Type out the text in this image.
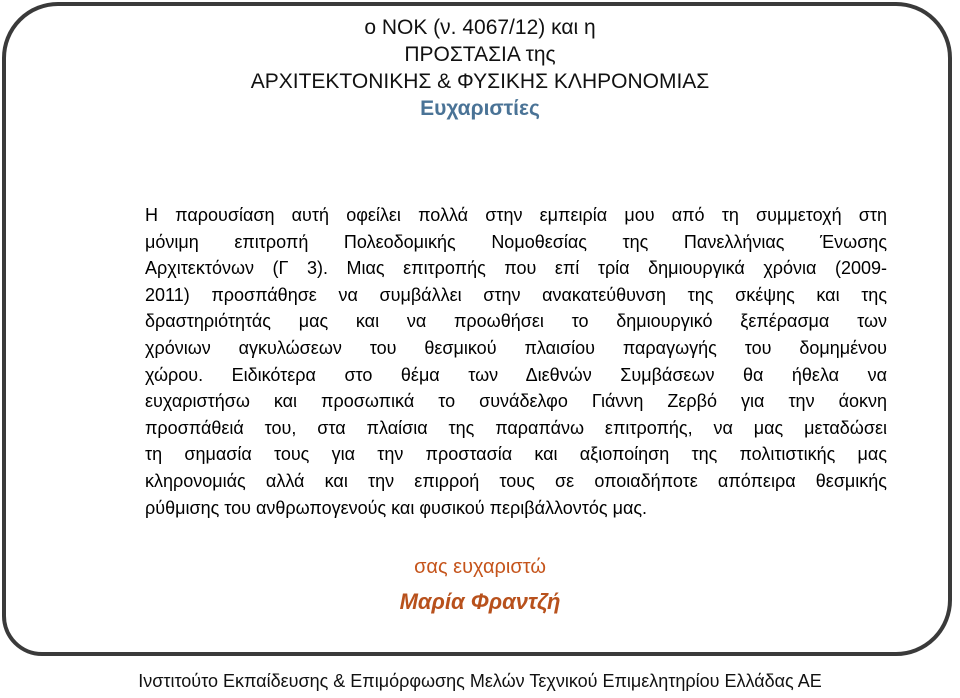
ο ΝΟΚ (ν. 4067/12) και η
ΠΡΟΣΤΑΣΙΑ της
ΑΡΧΙΤΕΚΤΟΝΙΚΗΣ & ΦΥΣΙΚΗΣ ΚΛΗΡΟΝΟΜΙΑΣ
Ευχαριστίες
Η παρουσίαση αυτή οφείλει πολλά στην εμπειρία μου από τη συμμετοχή στη
μόνιμη επιτροπή Πολεοδομικής Νομοθεσίας της Πανελλήνιας Ένωσης
Αρχιτεκτόνων (Γ 3). Μιας επιτροπής που επί τρία δημιουργικά χρόνια (2009-
2011) προσπάθησε να συμβάλλει στην ανακατεύθυνση της σκέψης και της
δραστηριότητάς μας και να προωθήσει το δημιουργικό ξεπέρασμα των
χρόνιων αγκυλώσεων του θεσμικού πλαισίου παραγωγής του δομημένου
χώρου. Ειδικότερα στο θέμα των Διεθνών Συμβάσεων θα ήθελα να
ευχαριστήσω και προσωπικά το συνάδελφο Γιάννη Ζερβό για την άοκνη
προσπάθειά του, στα πλαίσια της παραπάνω επιτροπής, να μας μεταδώσει
τη σημασία τους για την προστασία και αξιοποίηση της πολιτιστικής μας
κληρονομιάς αλλά και την επιρροή τους σε οποιαδήποτε απόπειρα θεσμικής
ρύθμισης του ανθρωπογενούς και φυσικού περιβάλλοντός μας.
σας ευχαριστώ
Μαρία Φραντζή
Ινστιτούτο Εκπαίδευσης & Επιμόρφωσης Μελών Τεχνικού Επιμελητηρίου Ελλάδας ΑΕ
